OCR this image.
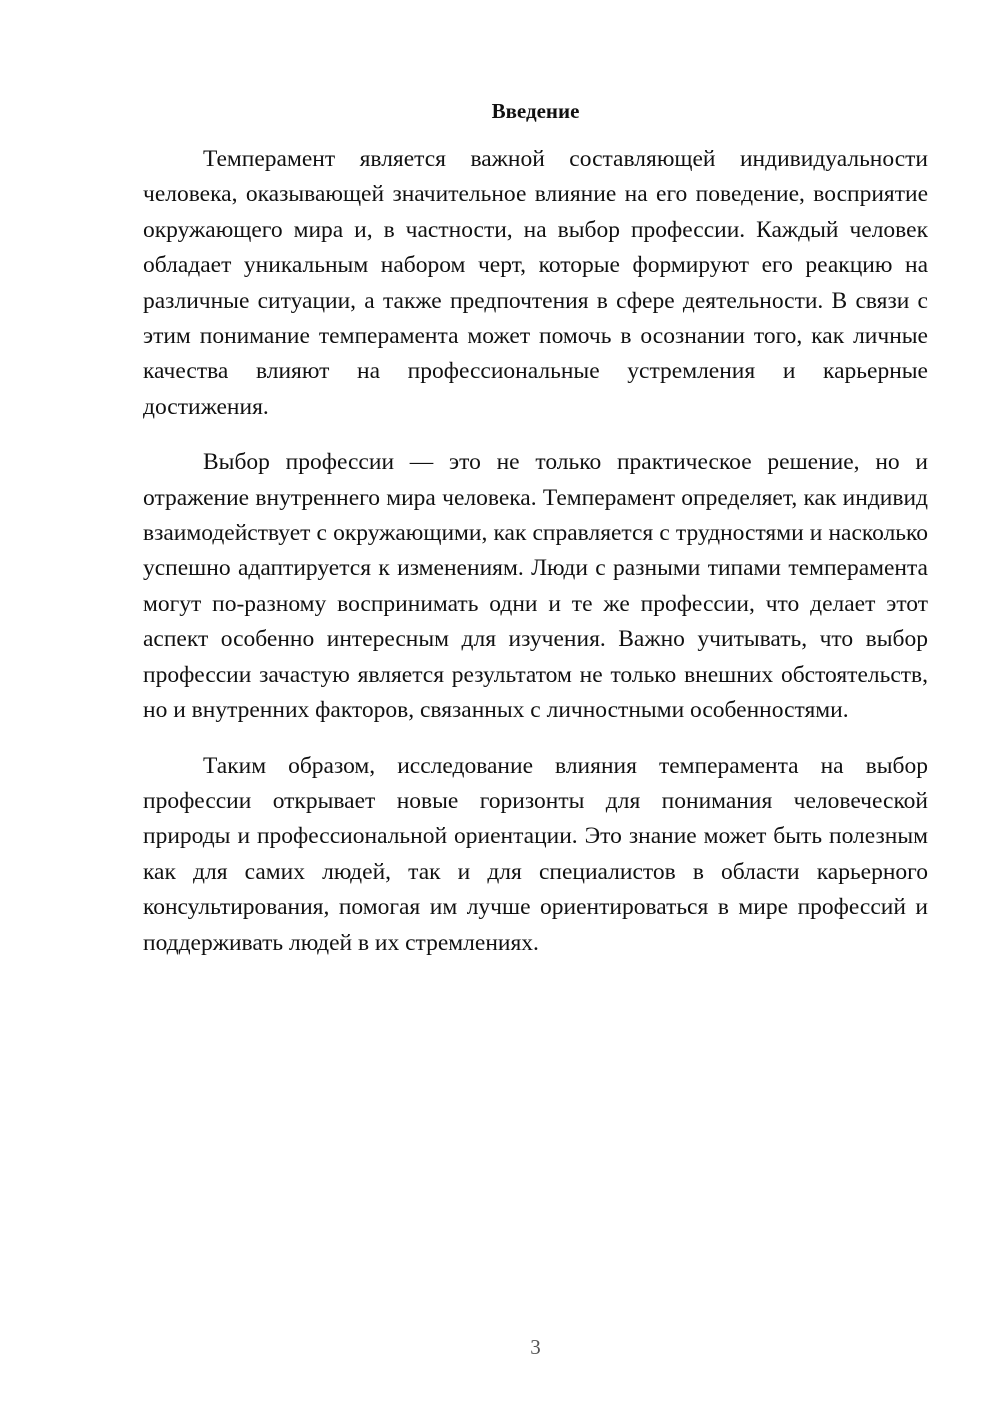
Введение

Темперамент является важной составляющей индивидуальности человека, оказывающей значительное влияние на его поведение, восприятие окружающего мира и, в частности, на выбор профессии. Каждый человек обладает уникальным набором черт, которые формируют его реакцию на различные ситуации, а также предпочтения в сфере деятельности. В связи с этим понимание темперамента может помочь в осознании того, как личные качества влияют на профессиональные устремления и карьерные достижения.

Выбор профессии — это не только практическое решение, но и отражение внутреннего мира человека. Темперамент определяет, как индивид взаимодействует с окружающими, как справляется с трудностями и насколько успешно адаптируется к изменениям. Люди с разными типами темперамента могут по-разному воспринимать одни и те же профессии, что делает этот аспект особенно интересным для изучения. Важно учитывать, что выбор профессии зачастую является результатом не только внешних обстоятельств, но и внутренних факторов, связанных с личностными особенностями.

Таким образом, исследование влияния темперамента на выбор профессии открывает новые горизонты для понимания человеческой природы и профессиональной ориентации. Это знание может быть полезным как для самих людей, так и для специалистов в области карьерного консультирования, помогая им лучше ориентироваться в мире профессий и поддерживать людей в их стремлениях.

3
